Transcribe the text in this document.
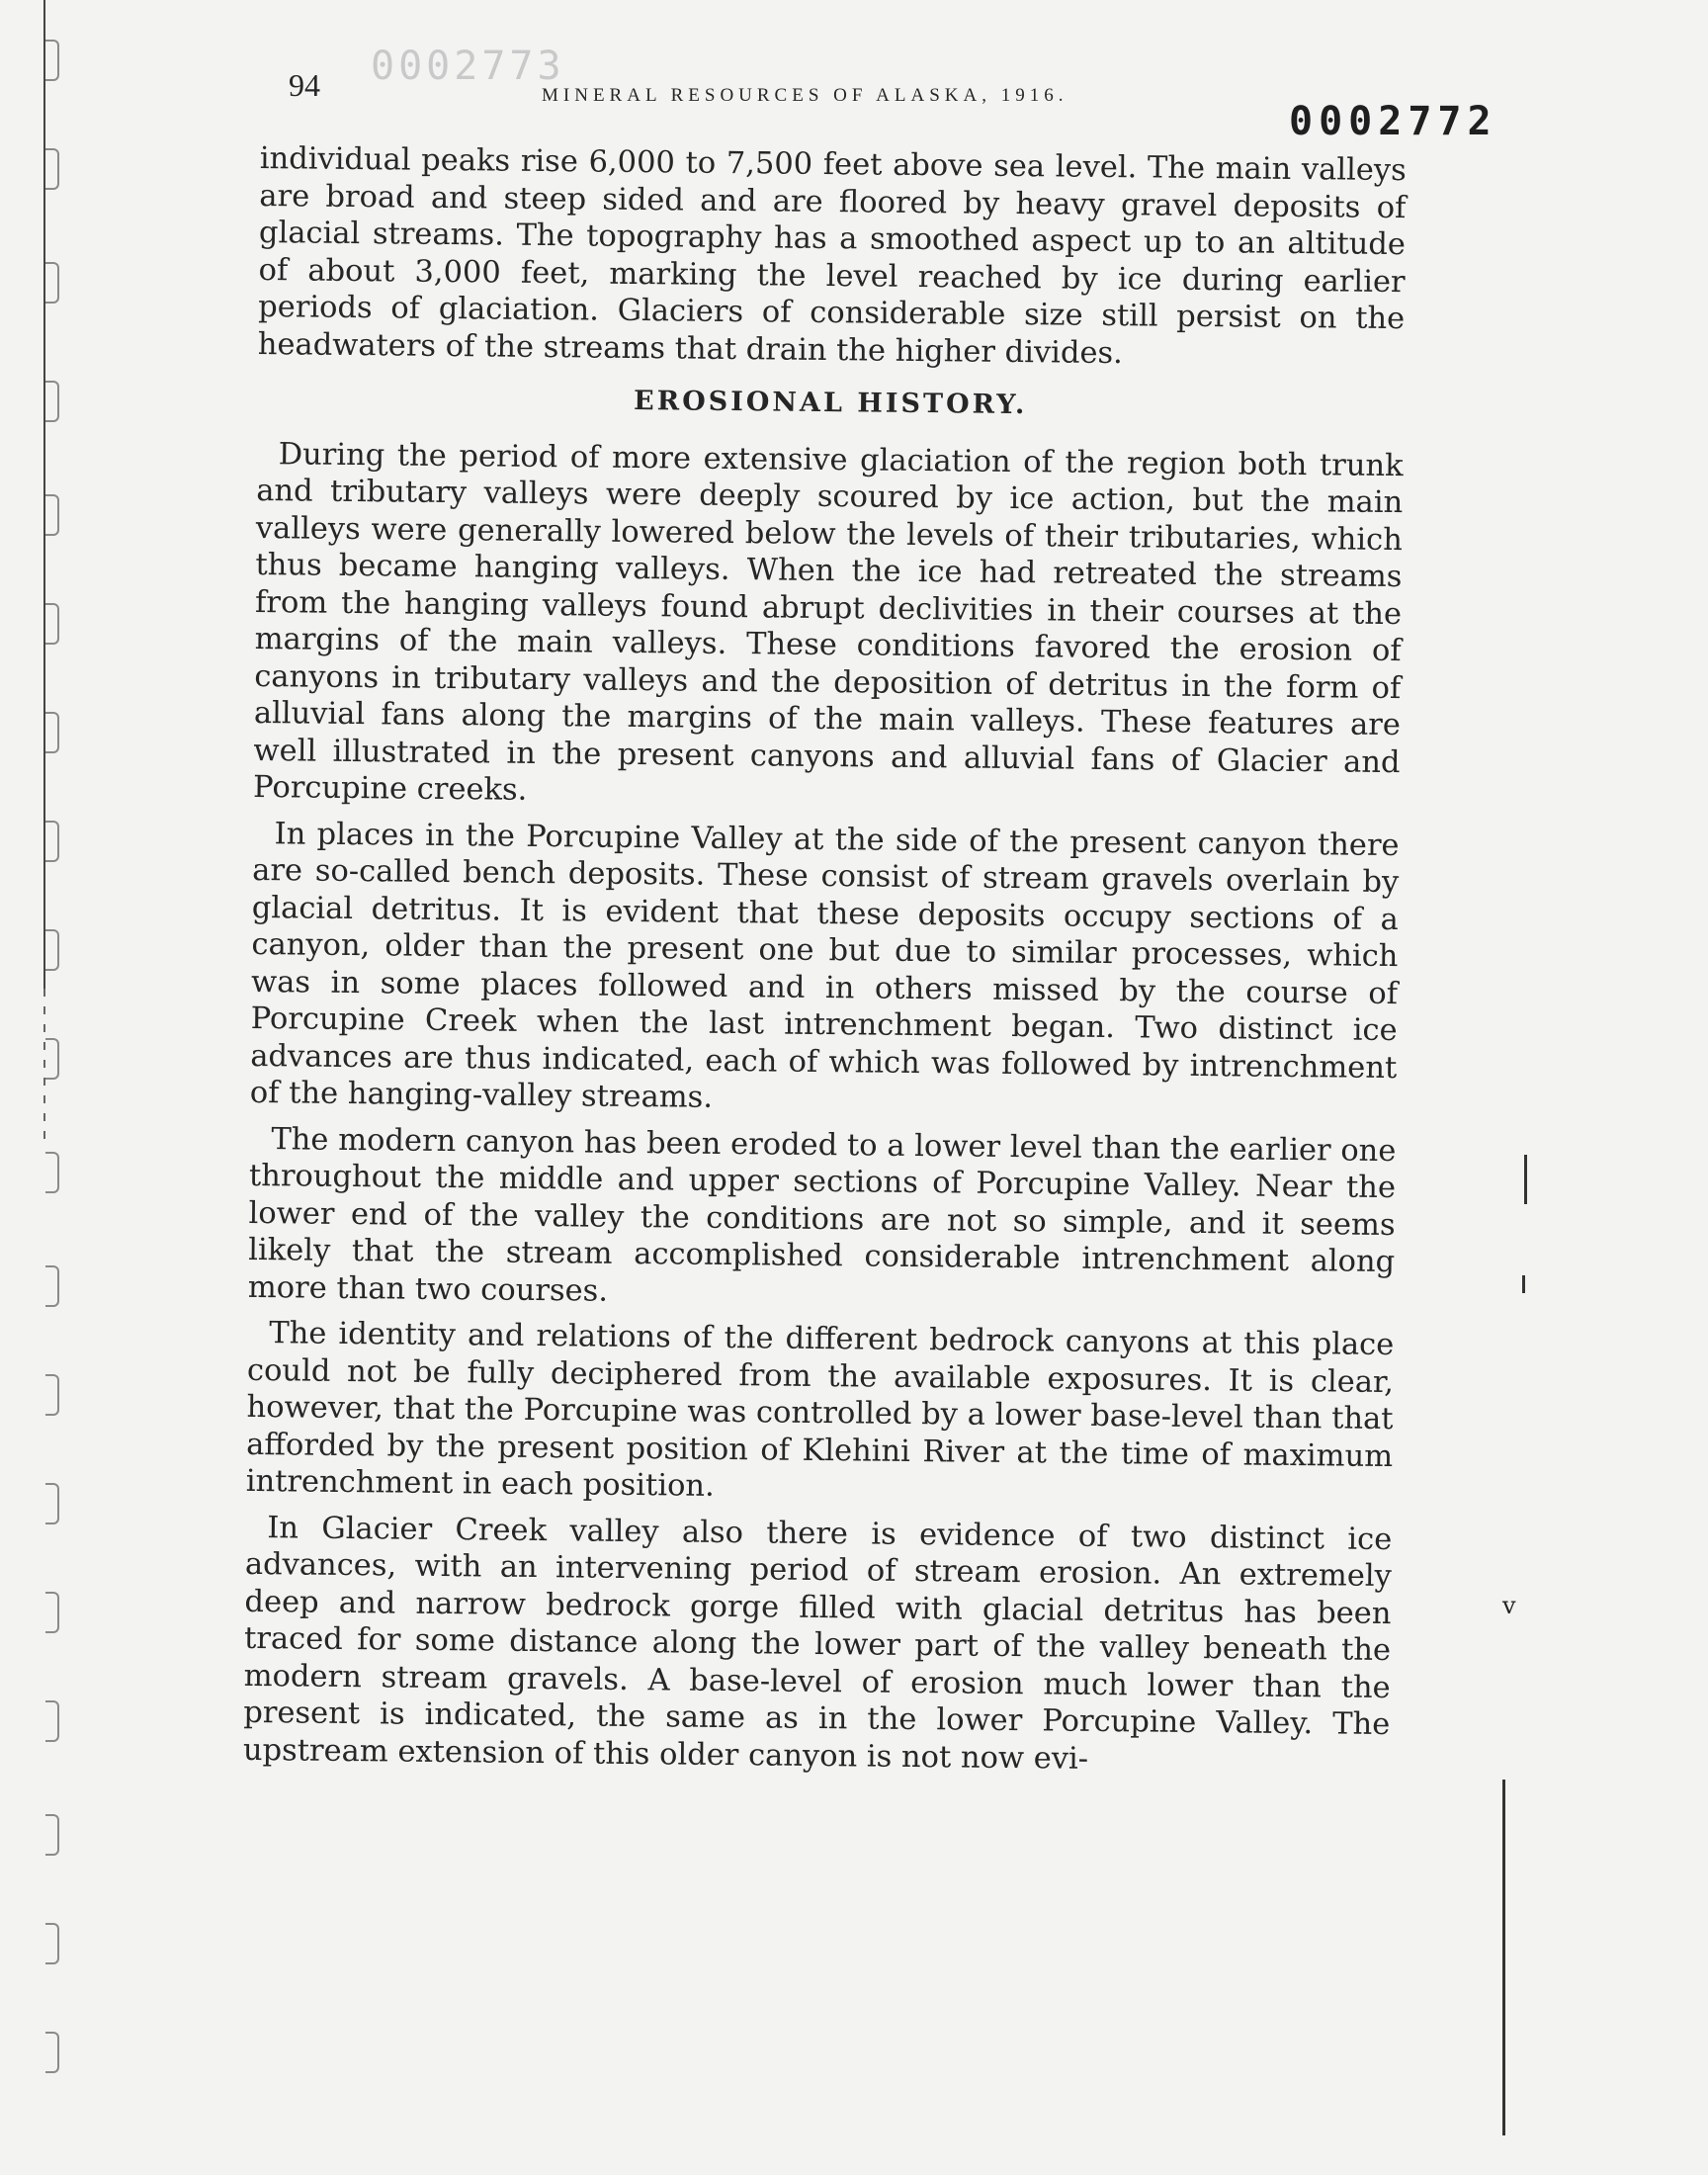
94 0002773
MINERAL RESOURCES OF ALASKA, 1916.
0002772

individual peaks rise 6,000 to 7,500 feet above sea level. The main valleys are broad and steep sided and are floored by heavy gravel deposits of glacial streams. The topography has a smoothed aspect up to an altitude of about 3,000 feet, marking the level reached by ice during earlier periods of glaciation. Glaciers of considerable size still persist on the headwaters of the streams that drain the higher divides.

EROSIONAL HISTORY.

During the period of more extensive glaciation of the region both trunk and tributary valleys were deeply scoured by ice action, but the main valleys were generally lowered below the levels of their tributaries, which thus became hanging valleys. When the ice had retreated the streams from the hanging valleys found abrupt declivities in their courses at the margins of the main valleys. These conditions favored the erosion of canyons in tributary valleys and the deposition of detritus in the form of alluvial fans along the margins of the main valleys. These features are well illustrated in the present canyons and alluvial fans of Glacier and Porcupine creeks.

In places in the Porcupine Valley at the side of the present canyon there are so-called bench deposits. These consist of stream gravels overlain by glacial detritus. It is evident that these deposits occupy sections of a canyon, older than the present one but due to similar processes, which was in some places followed and in others missed by the course of Porcupine Creek when the last intrenchment began. Two distinct ice advances are thus indicated, each of which was followed by intrenchment of the hanging-valley streams.

The modern canyon has been eroded to a lower level than the earlier one throughout the middle and upper sections of Porcupine Valley. Near the lower end of the valley the conditions are not so simple, and it seems likely that the stream accomplished considerable intrenchment along more than two courses.

The identity and relations of the different bedrock canyons at this place could not be fully deciphered from the available exposures. It is clear, however, that the Porcupine was controlled by a lower base-level than that afforded by the present position of Klehini River at the time of maximum intrenchment in each position.

In Glacier Creek valley also there is evidence of two distinct ice advances, with an intervening period of stream erosion. An extremely deep and narrow bedrock gorge filled with glacial detritus has been traced for some distance along the lower part of the valley beneath the modern stream gravels. A base-level of erosion much lower than the present is indicated, the same as in the lower Porcupine Valley. The upstream extension of this older canyon is not now evi-

v
